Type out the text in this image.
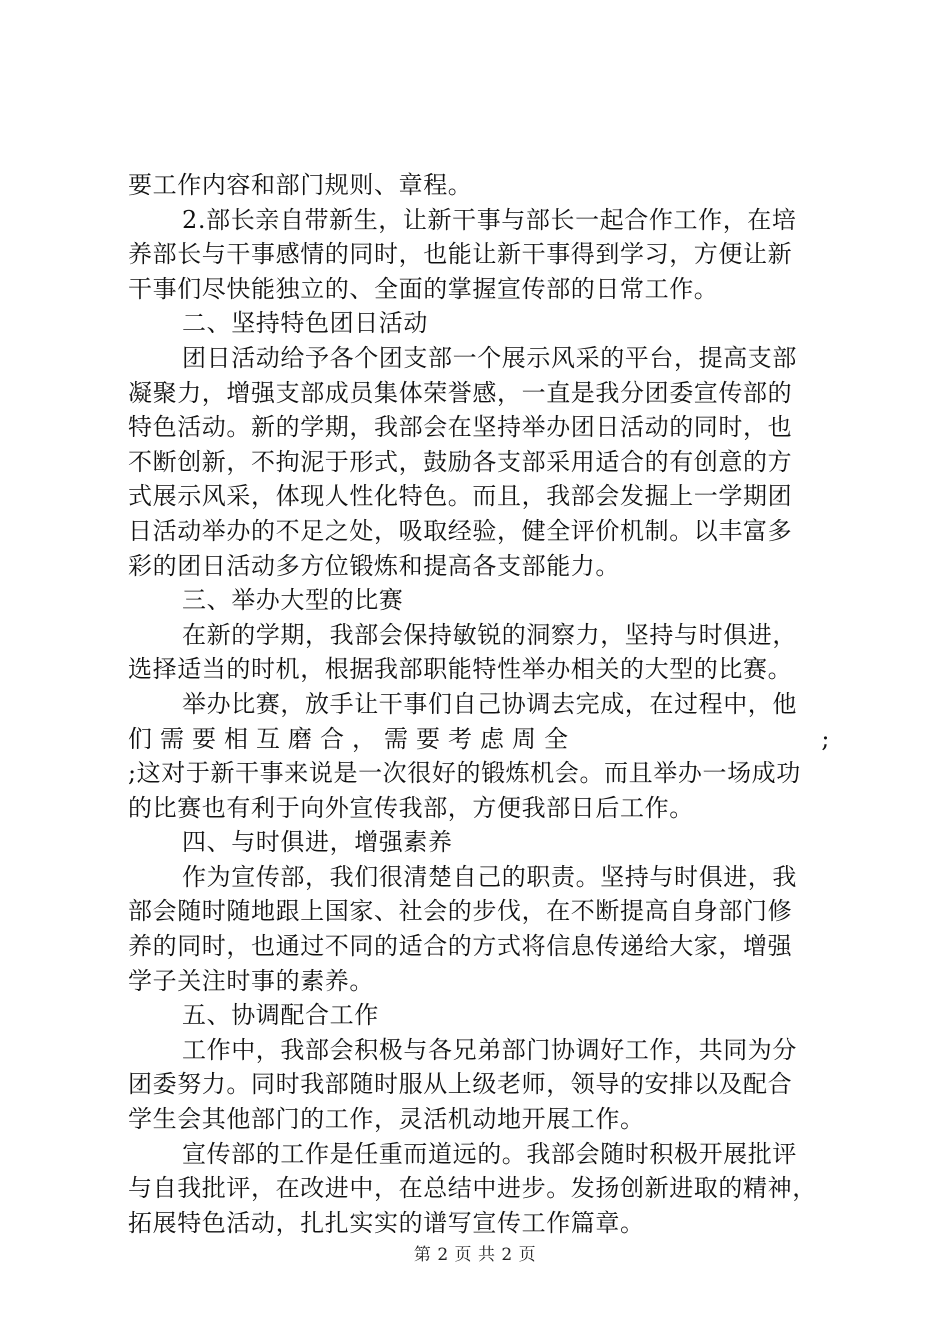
要工作内容和部门规则、章程。
2.部长亲自带新生，让新干事与部长一起合作工作，在培
养部长与干事感情的同时，也能让新干事得到学习，方便让新
干事们尽快能独立的、全面的掌握宣传部的日常工作。
二、坚持特色团日活动
团日活动给予各个团支部一个展示风采的平台，提高支部
凝聚力，增强支部成员集体荣誉感，一直是我分团委宣传部的
特色活动。新的学期，我部会在坚持举办团日活动的同时，也
不断创新，不拘泥于形式，鼓励各支部采用适合的有创意的方
式展示风采，体现人性化特色。而且，我部会发掘上一学期团
日活动举办的不足之处，吸取经验，健全评价机制。以丰富多
彩的团日活动多方位锻炼和提高各支部能力。
三、举办大型的比赛
在新的学期，我部会保持敏锐的洞察力，坚持与时俱进，
选择适当的时机，根据我部职能特性举办相关的大型的比赛。
举办比赛，放手让干事们自己协调去完成，在过程中，他
们需要相互磨合，需要考虑周全	;
;这对于新干事来说是一次很好的锻炼机会。而且举办一场成功
的比赛也有利于向外宣传我部，方便我部日后工作。
四、与时俱进，增强素养
作为宣传部，我们很清楚自己的职责。坚持与时俱进，我
部会随时随地跟上国家、社会的步伐，在不断提高自身部门修
养的同时，也通过不同的适合的方式将信息传递给大家，增强
学子关注时事的素养。
五、协调配合工作
工作中，我部会积极与各兄弟部门协调好工作，共同为分
团委努力。同时我部随时服从上级老师，领导的安排以及配合
学生会其他部门的工作，灵活机动地开展工作。
宣传部的工作是任重而道远的。我部会随时积极开展批评
与自我批评，在改进中，在总结中进步。发扬创新进取的精神，
拓展特色活动，扎扎实实的谱写宣传工作篇章。
第 2 页 共 2 页
